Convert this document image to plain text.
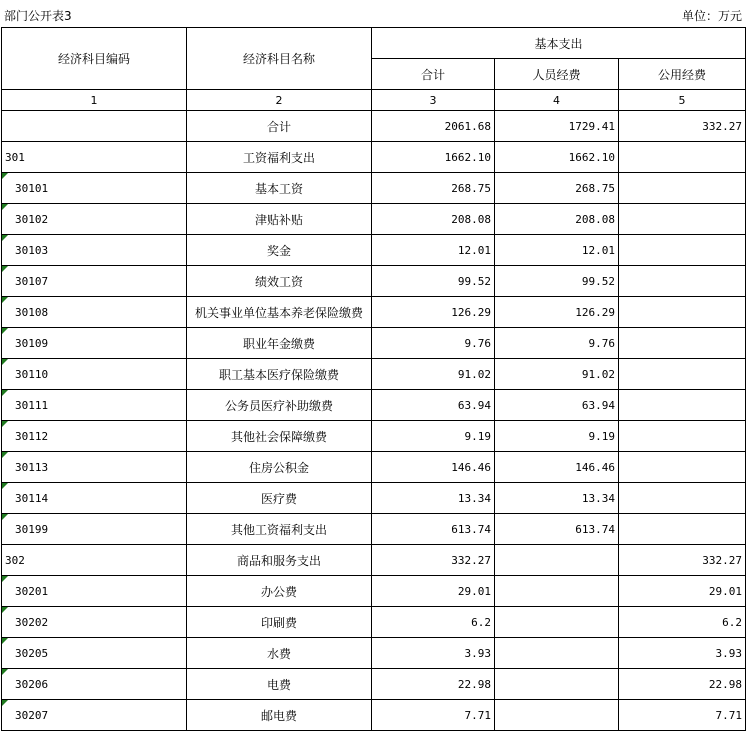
部门公开表3	单位：万元
经济科目编码	经济科目名称	基本支出		
		合计	人员经费	公用经费
1	2	3	4	5
	合计	2061.68	1729.41	332.27
301	工资福利支出	1662.10	1662.10	
30101	基本工资	268.75	268.75	
30102	津贴补贴	208.08	208.08	
30103	奖金	12.01	12.01	
30107	绩效工资	99.52	99.52	
30108	机关事业单位基本养老保险缴费	126.29	126.29	
30109	职业年金缴费	9.76	9.76	
30110	职工基本医疗保险缴费	91.02	91.02	
30111	公务员医疗补助缴费	63.94	63.94	
30112	其他社会保障缴费	9.19	9.19	
30113	住房公积金	146.46	146.46	
30114	医疗费	13.34	13.34	
30199	其他工资福利支出	613.74	613.74	
302	商品和服务支出	332.27		332.27
30201	办公费	29.01		29.01
30202	印刷费	6.2		6.2
30205	水费	3.93		3.93
30206	电费	22.98		22.98
30207	邮电费	7.71		7.71
